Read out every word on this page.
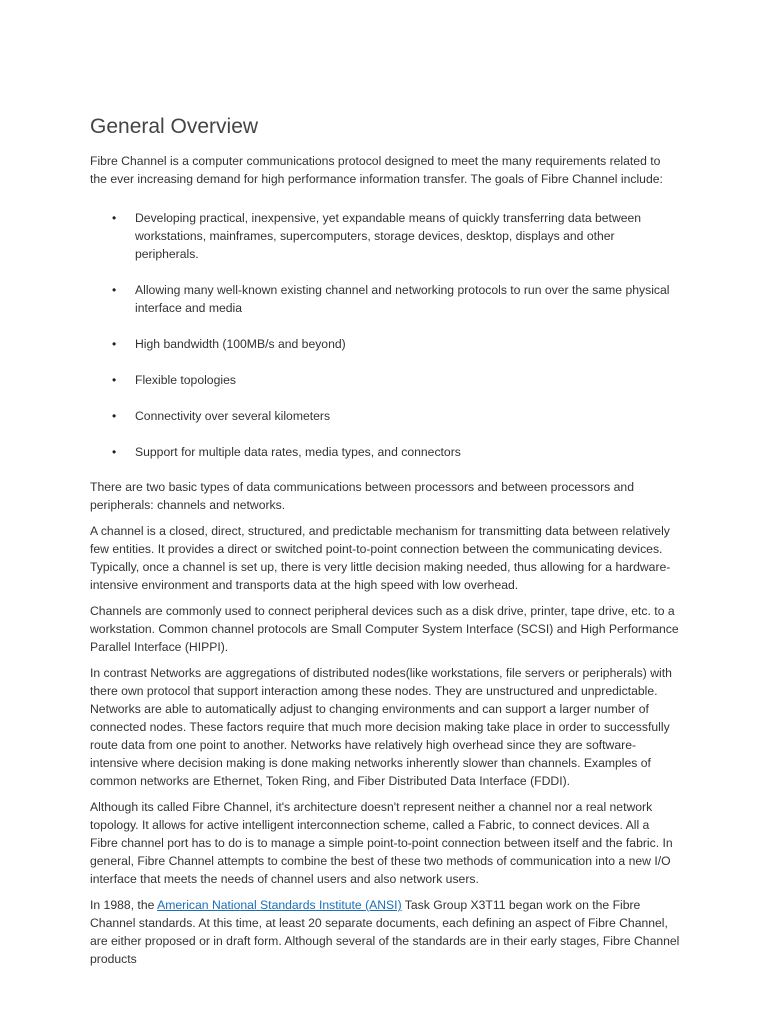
General Overview

Fibre Channel is a computer communications protocol designed to meet the many requirements related to the ever increasing demand for high performance information transfer. The goals of Fibre Channel include:

• Developing practical, inexpensive, yet expandable means of quickly transferring data between workstations, mainframes, supercomputers, storage devices, desktop, displays and other peripherals.
• Allowing many well-known existing channel and networking protocols to run over the same physical interface and media
• High bandwidth (100MB/s and beyond)
• Flexible topologies
• Connectivity over several kilometers
• Support for multiple data rates, media types, and connectors

There are two basic types of data communications between processors and between processors and peripherals: channels and networks.

A channel is a closed, direct, structured, and predictable mechanism for transmitting data between relatively few entities. It provides a direct or switched point-to-point connection between the communicating devices. Typically, once a channel is set up, there is very little decision making needed, thus allowing for a hardware-intensive environment and transports data at the high speed with low overhead.

Channels are commonly used to connect peripheral devices such as a disk drive, printer, tape drive, etc. to a workstation. Common channel protocols are Small Computer System Interface (SCSI) and High Performance Parallel Interface (HIPPI).

In contrast Networks are aggregations of distributed nodes(like workstations, file servers or peripherals) with there own protocol that support interaction among these nodes. They are unstructured and unpredictable. Networks are able to automatically adjust to changing environments and can support a larger number of connected nodes. These factors require that much more decision making take place in order to successfully route data from one point to another. Networks have relatively high overhead since they are software-intensive where decision making is done making networks inherently slower than channels. Examples of common networks are Ethernet, Token Ring, and Fiber Distributed Data Interface (FDDI).

Although its called Fibre Channel, it's architecture doesn't represent neither a channel nor a real network topology. It allows for active intelligent interconnection scheme, called a Fabric, to connect devices. All a Fibre channel port has to do is to manage a simple point-to-point connection between itself and the fabric. In general, Fibre Channel attempts to combine the best of these two methods of communication into a new I/O interface that meets the needs of channel users and also network users.

In 1988, the American National Standards Institute (ANSI) Task Group X3T11 began work on the Fibre Channel standards. At this time, at least 20 separate documents, each defining an aspect of Fibre Channel, are either proposed or in draft form. Although several of the standards are in their early stages, Fibre Channel products
